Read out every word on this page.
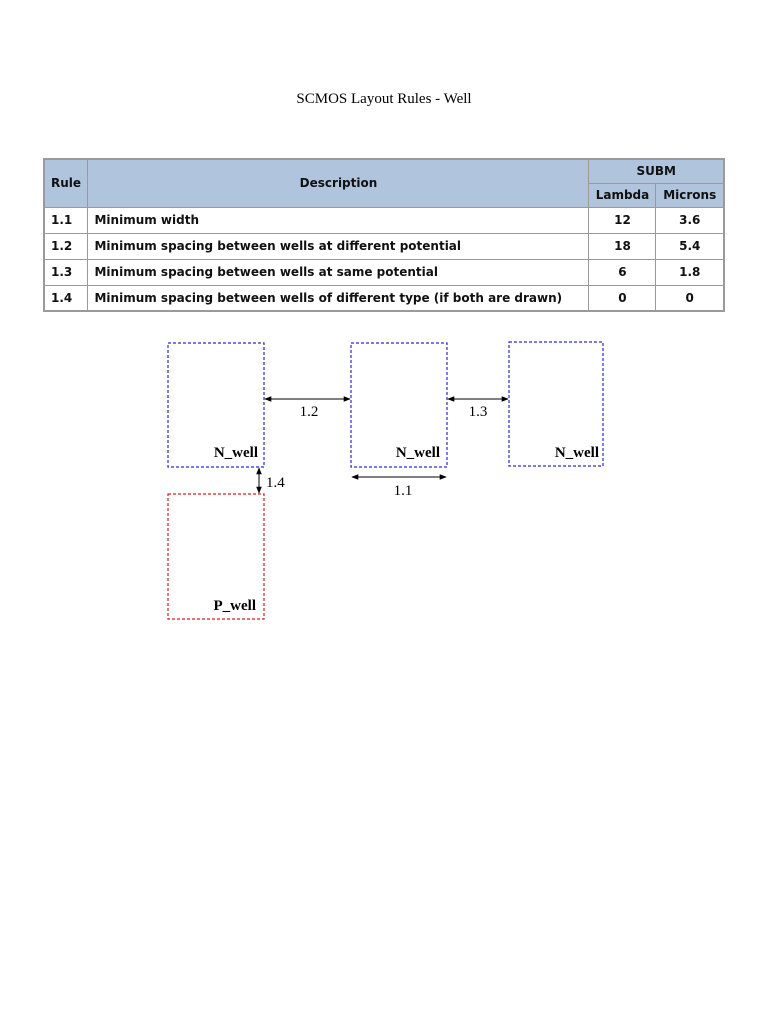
SCMOS Layout Rules - Well
Rule	Description	SUBM	
		Lambda	Microns
1.1	Minimum width	12	3.6
1.2	Minimum spacing between wells at different potential	18	5.4
1.3	Minimum spacing between wells at same potential	6	1.8
1.4	Minimum spacing between wells of different type (if both are drawn)	0	0
N_well	N_well	N_well
P_well
1.2	1.3
1.4	1.1
